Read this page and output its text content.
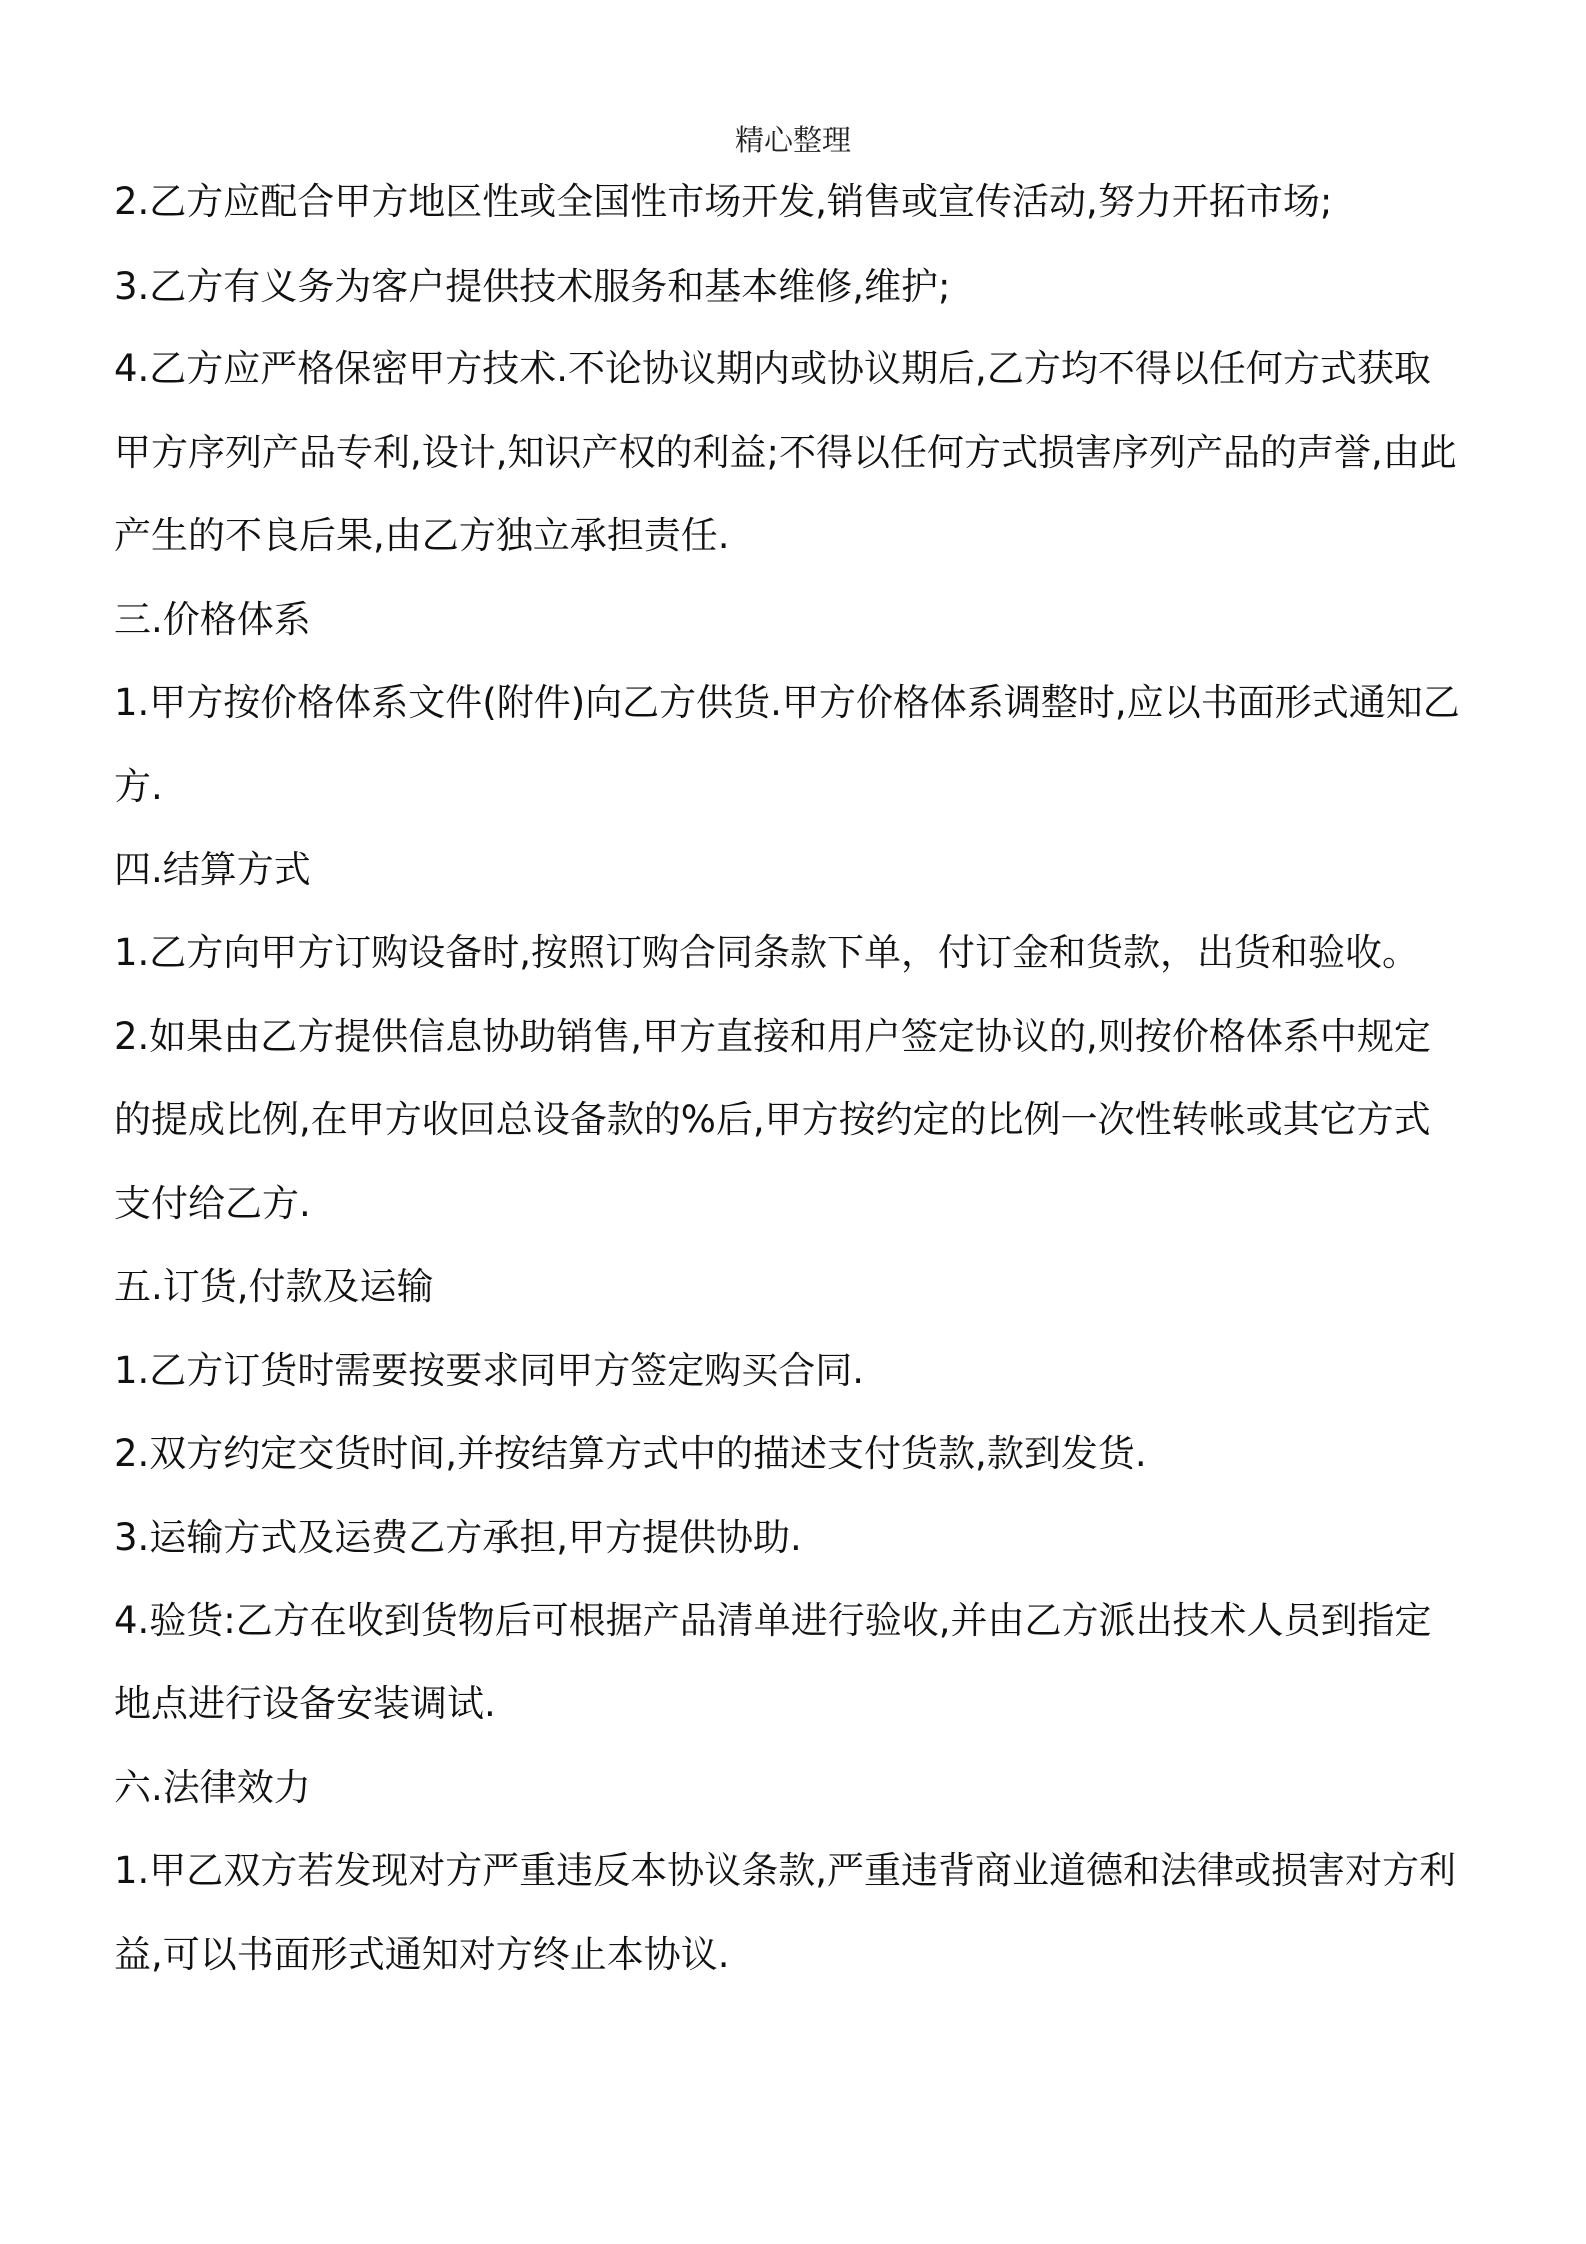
精心整理
2.乙方应配合甲方地区性或全国性市场开发,销售或宣传活动,努力开拓市场;
3.乙方有义务为客户提供技术服务和基本维修,维护;
4.乙方应严格保密甲方技术.不论协议期内或协议期后,乙方均不得以任何方式获取
甲方序列产品专利,设计,知识产权的利益;不得以任何方式损害序列产品的声誉,由此
产生的不良后果,由乙方独立承担责任.
三.价格体系
1.甲方按价格体系文件(附件)向乙方供货.甲方价格体系调整时,应以书面形式通知乙
方.
四.结算方式
1.乙方向甲方订购设备时,按照订购合同条款下单，付订金和货款，出货和验收。
2.如果由乙方提供信息协助销售,甲方直接和用户签定协议的,则按价格体系中规定
的提成比例,在甲方收回总设备款的%后,甲方按约定的比例一次性转帐或其它方式
支付给乙方.
五.订货,付款及运输
1.乙方订货时需要按要求同甲方签定购买合同.
2.双方约定交货时间,并按结算方式中的描述支付货款,款到发货.
3.运输方式及运费乙方承担,甲方提供协助.
4.验货:乙方在收到货物后可根据产品清单进行验收,并由乙方派出技术人员到指定
地点进行设备安装调试.
六.法律效力
1.甲乙双方若发现对方严重违反本协议条款,严重违背商业道德和法律或损害对方利
益,可以书面形式通知对方终止本协议.
